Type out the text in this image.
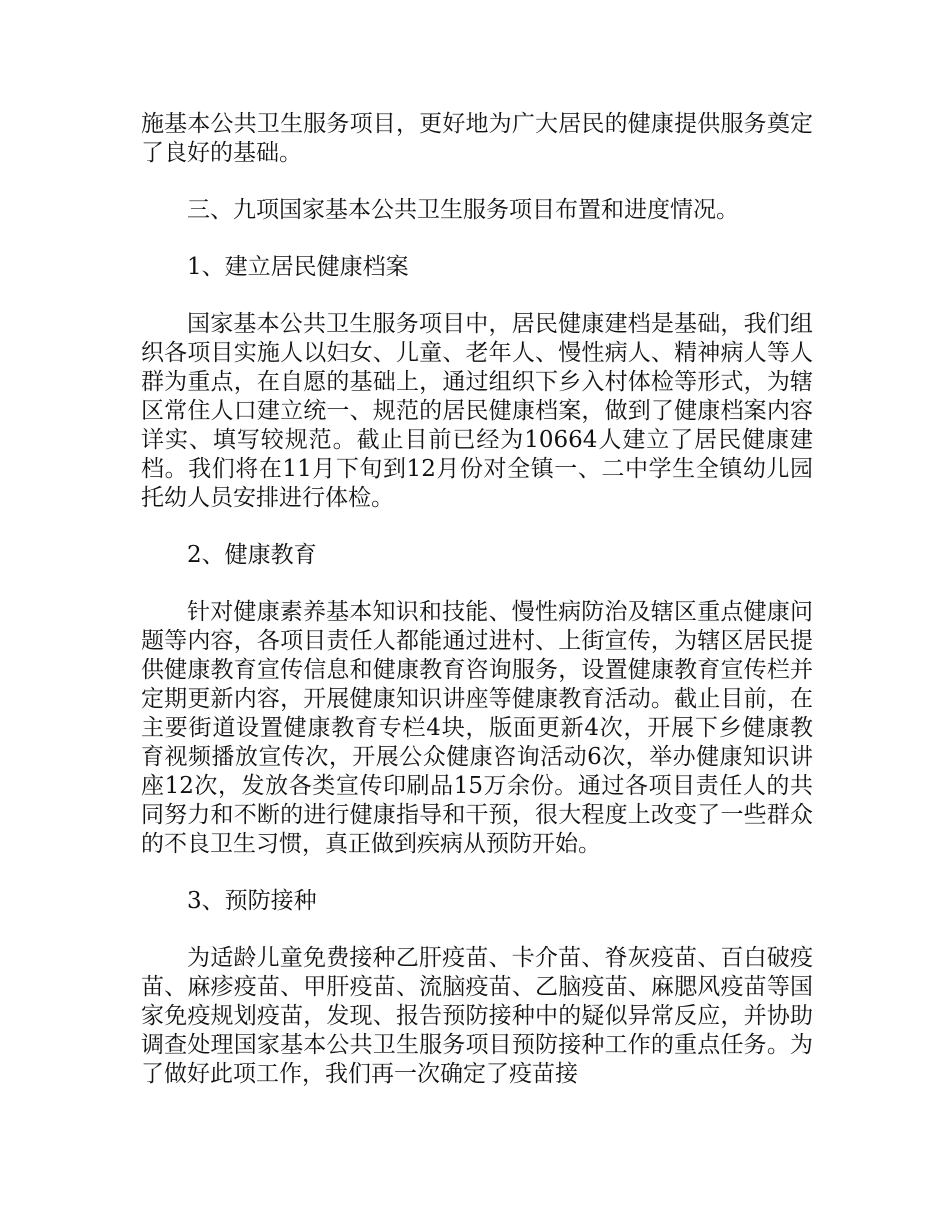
施基本公共卫生服务项目，更好地为广大居民的健康提供服务奠定了良好的基础。

三、九项国家基本公共卫生服务项目布置和进度情况。

1、建立居民健康档案

国家基本公共卫生服务项目中，居民健康建档是基础，我们组织各项目实施人以妇女、儿童、老年人、慢性病人、精神病人等人群为重点，在自愿的基础上，通过组织下乡入村体检等形式，为辖区常住人口建立统一、规范的居民健康档案，做到了健康档案内容详实、填写较规范。截止目前已经为10664人建立了居民健康建档。我们将在11月下旬到12月份对全镇一、二中学生全镇幼儿园托幼人员安排进行体检。

2、健康教育

针对健康素养基本知识和技能、慢性病防治及辖区重点健康问题等内容，各项目责任人都能通过进村、上街宣传，为辖区居民提供健康教育宣传信息和健康教育咨询服务，设置健康教育宣传栏并定期更新内容，开展健康知识讲座等健康教育活动。截止目前，在主要街道设置健康教育专栏4块，版面更新4次，开展下乡健康教育视频播放宣传次，开展公众健康咨询活动6次，举办健康知识讲座12次，发放各类宣传印刷品15万余份。通过各项目责任人的共同努力和不断的进行健康指导和干预，很大程度上改变了一些群众的不良卫生习惯，真正做到疾病从预防开始。

3、预防接种

为适龄儿童免费接种乙肝疫苗、卡介苗、脊灰疫苗、百白破疫苗、麻疹疫苗、甲肝疫苗、流脑疫苗、乙脑疫苗、麻腮风疫苗等国家免疫规划疫苗，发现、报告预防接种中的疑似异常反应，并协助调查处理国家基本公共卫生服务项目预防接种工作的重点任务。为了做好此项工作，我们再一次确定了疫苗接
